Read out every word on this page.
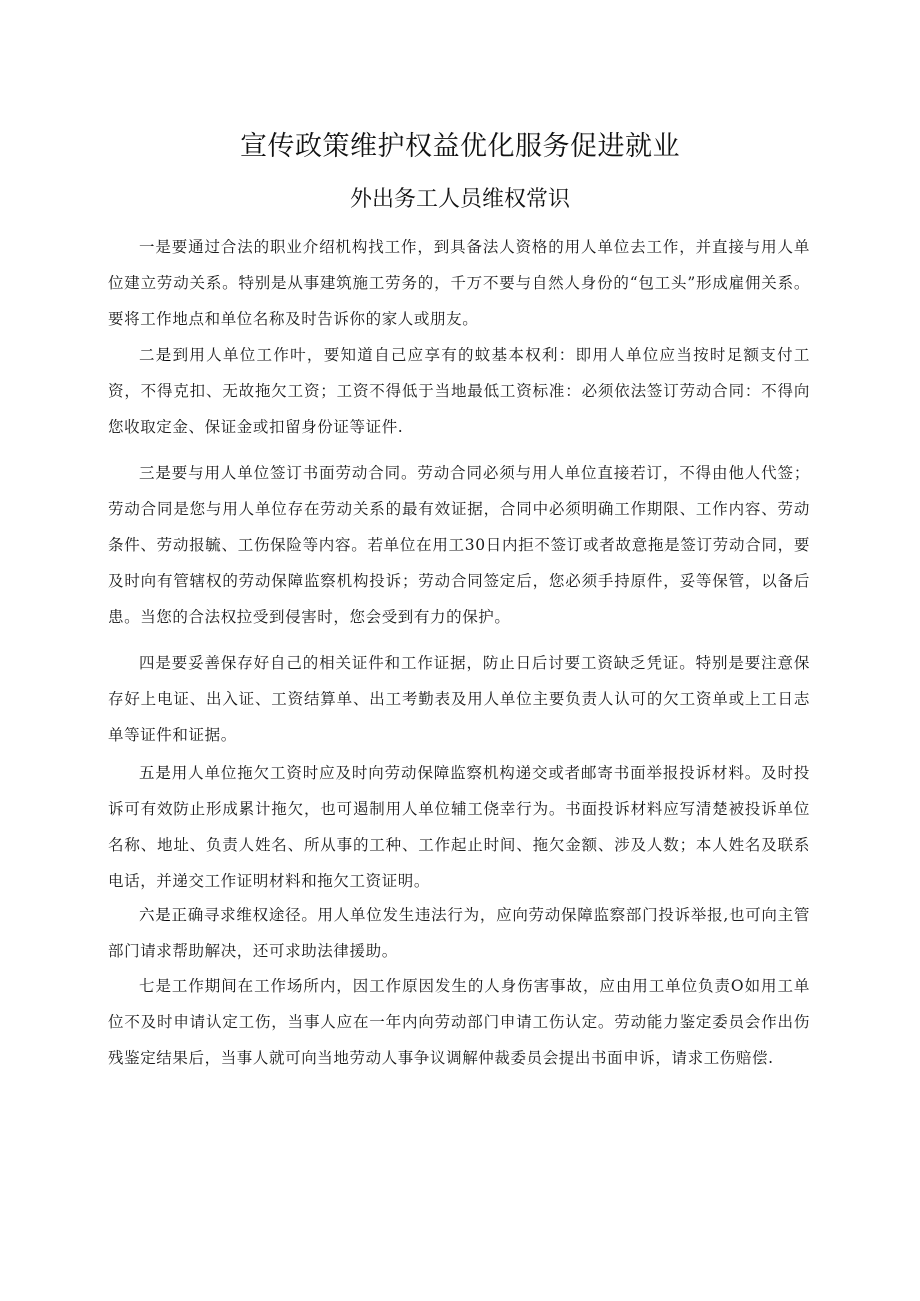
宣传政策维护权益优化服务促进就业
外出务工人员维权常识

一是要通过合法的职业介绍机构找工作，到具备法人资格的用人单位去工作，并直接与用人单位建立劳动关系。特别是从事建筑施工劳务的，千万不要与自然人身份的“包工头”形成雇佣关系。要将工作地点和单位名称及时告诉你的家人或朋友。

二是到用人单位工作叶，要知道自己应享有的蚊基本权利：即用人单位应当按时足额支付工资，不得克扣、无故拖欠工资；工资不得低于当地最低工资标准：必须依法签订劳动合同：不得向您收取定金、保证金或扣留身份证等证件.

三是要与用人单位签订书面劳动合同。劳动合同必须与用人单位直接若订，不得由他人代签；劳动合同是您与用人单位存在劳动关系的最有效证据，合同中必须明确工作期限、工作内容、劳动条件、劳动报毓、工伤保险等内容。若单位在用工30日内拒不签订或者故意拖是签订劳动合同，要及时向有管辖权的劳动保障监察机构投诉；劳动合同签定后，您必须手持原件，妥等保管，以备后患。当您的合法权拉受到侵害时，您会受到有力的保护。

四是要妥善保存好自己的相关证件和工作证据，防止日后讨要工资缺乏凭证。特别是要注意保存好上电证、出入证、工资结算单、出工考勤表及用人单位主要负责人认可的欠工资单或上工日志单等证件和证据。

五是用人单位拖欠工资时应及时向劳动保障监察机构递交或者邮寄书面举报投诉材料。及时投诉可有效防止形成累计拖欠，也可遏制用人单位辅工侥幸行为。书面投诉材料应写清楚被投诉单位名称、地址、负责人姓名、所从事的工种、工作起止时间、拖欠金额、涉及人数；本人姓名及联系电话，并递交工作证明材料和拖欠工资证明。

六是正确寻求维权途径。用人单位发生违法行为，应向劳动保障监察部门投诉举报,也可向主管部门请求帮助解决，还可求助法律援助。

七是工作期间在工作场所内，因工作原因发生的人身伤害事故，应由用工单位负责O如用工单位不及时申请认定工伤，当事人应在一年内向劳动部门申请工伤认定。劳动能力鉴定委员会作出伤残鉴定结果后，当事人就可向当地劳动人事争议调解仲裁委员会提出书面申诉，请求工伤赔偿.
